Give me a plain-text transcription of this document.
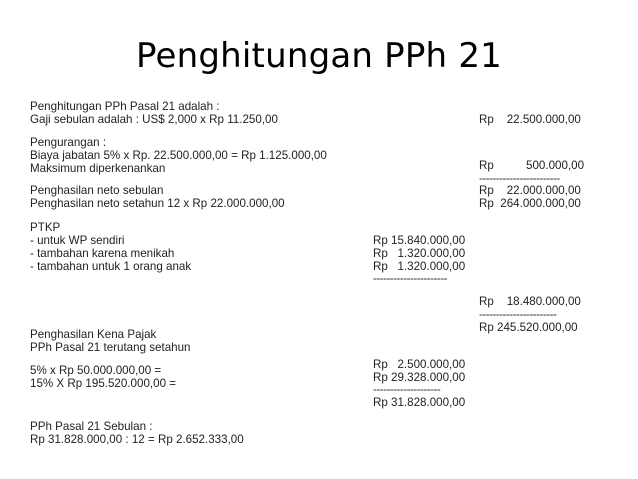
Penghitungan PPh 21
Penghitungan PPh Pasal 21 adalah :
Gaji sebulan adalah : US$ 2,000 x Rp 11.250,00
Pengurangan :
Biaya jabatan 5% x Rp. 22.500.000,00 = Rp 1.125.000,00
Maksimum diperkenankan
Penghasilan neto sebulan
Penghasilan neto setahun 12 x Rp 22.000.000,00
PTKP
- untuk WP sendiri
- tambahan karena menikah
- tambahan untuk 1 orang anak
Penghasilan Kena Pajak
PPh Pasal 21 terutang setahun
5% x Rp 50.000.000,00 =
15% X Rp 195.520.000,00 =
PPh Pasal 21 Sebulan :
Rp 31.828.000,00 : 12 = Rp 2.652.333,00
Rp 15.840.000,00
Rp   1.320.000,00
Rp   1.320.000,00
----------------------
Rp   2.500.000,00
Rp 29.328.000,00
--------------------
Rp 31.828.000,00
Rp    22.500.000,00
Rp          500.000,00
------------------------
Rp    22.000.000,00
Rp  264.000.000,00
Rp    18.480.000,00
-----------------------
Rp 245.520.000,00
